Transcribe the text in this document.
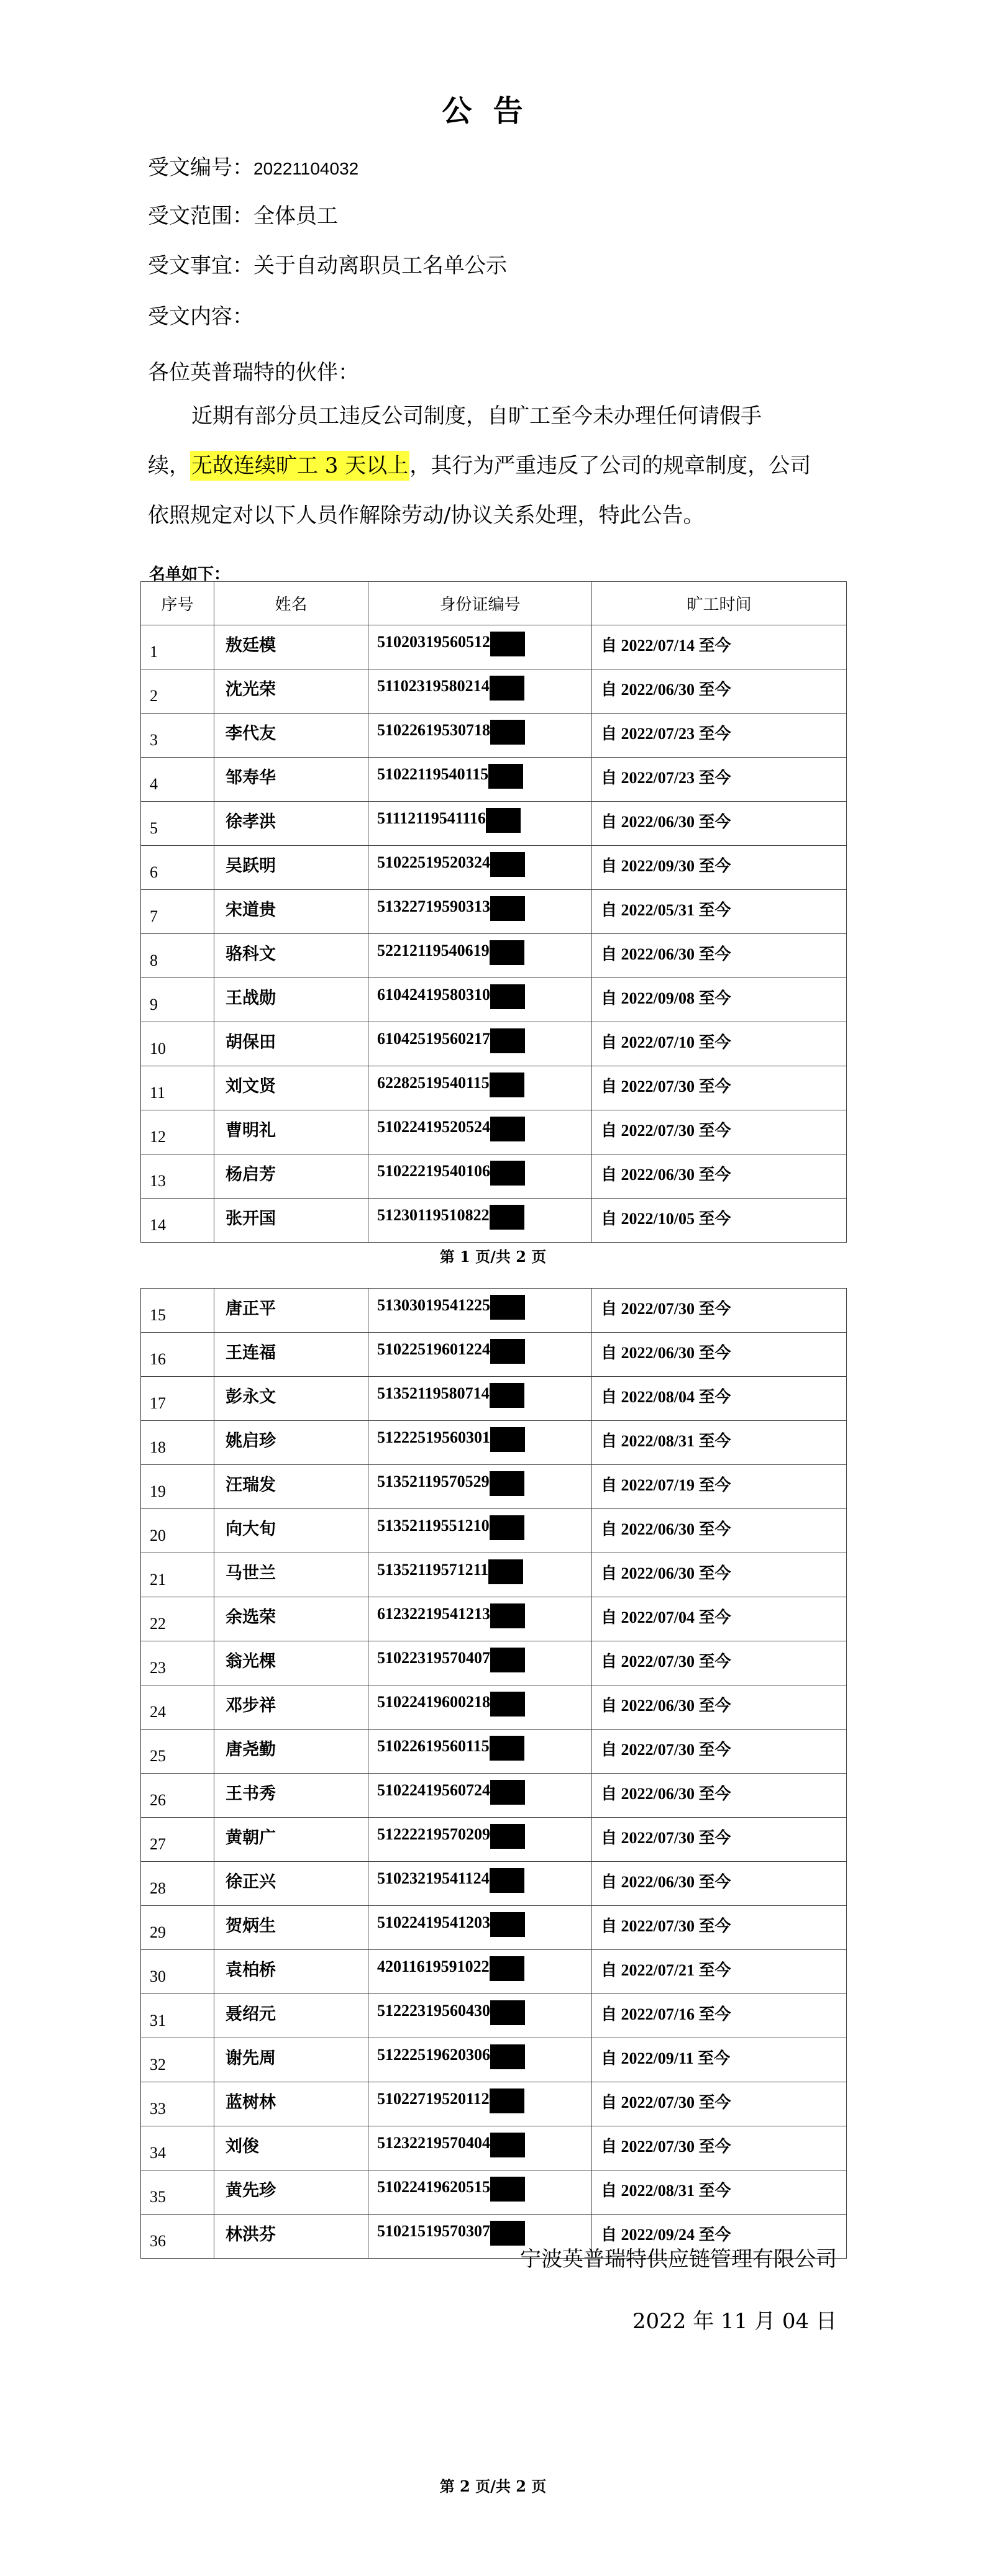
公告
受文编号：20221104032
受文范围：全体员工
受文事宜：关于自动离职员工名单公示
受文内容：
各位英普瑞特的伙伴：
近期有部分员工违反公司制度，自旷工至今未办理任何请假手
续，无故连续旷工 3 天以上，其行为严重违反了公司的规章制度，公司
依照规定对以下人员作解除劳动/协议关系处理，特此公告。
名单如下：
序号	姓名	身份证编号	旷工时间

1	敖廷模	51020319560512	自 2022/07/14 至今

2	沈光荣	51102319580214	自 2022/06/30 至今

3	李代友	51022619530718	自 2022/07/23 至今

4	邹寿华	51022119540115	自 2022/07/23 至今

5	徐孝洪	51112119541116	自 2022/06/30 至今

6	吴跃明	51022519520324	自 2022/09/30 至今

7	宋道贵	51322719590313	自 2022/05/31 至今

8	骆科文	52212119540619	自 2022/06/30 至今

9	王战勋	61042419580310	自 2022/09/08 至今

10	胡保田	61042519560217	自 2022/07/10 至今

11	刘文贤	62282519540115	自 2022/07/30 至今

12	曹明礼	51022419520524	自 2022/07/30 至今

13	杨启芳	51022219540106	自 2022/06/30 至今

14	张开国	51230119510822	自 2022/10/05 至今
第 1 页/共 2 页
15	唐正平	51303019541225	自 2022/07/30 至今

16	王连福	51022519601224	自 2022/06/30 至今

17	彭永文	51352119580714	自 2022/08/04 至今

18	姚启珍	51222519560301	自 2022/08/31 至今

19	汪瑞发	51352119570529	自 2022/07/19 至今

20	向大旬	51352119551210	自 2022/06/30 至今

21	马世兰	51352119571211	自 2022/06/30 至今

22	余选荣	61232219541213	自 2022/07/04 至今

23	翁光棵	51022319570407	自 2022/07/30 至今

24	邓步祥	51022419600218	自 2022/06/30 至今

25	唐尧勤	51022619560115	自 2022/07/30 至今

26	王书秀	51022419560724	自 2022/06/30 至今

27	黄朝广	51222219570209	自 2022/07/30 至今

28	徐正兴	51023219541124	自 2022/06/30 至今

29	贺炳生	51022419541203	自 2022/07/30 至今

30	袁柏桥	42011619591022	自 2022/07/21 至今

31	聂绍元	51222319560430	自 2022/07/16 至今

32	谢先周	51222519620306	自 2022/09/11 至今

33	蓝树林	51022719520112	自 2022/07/30 至今

34	刘俊	51232219570404	自 2022/07/30 至今

35	黄先珍	51022419620515	自 2022/08/31 至今

36	林洪芬	51021519570307	自 2022/09/24 至今
宁波英普瑞特供应链管理有限公司
2022 年 11 月 04 日
第 2 页/共 2 页
